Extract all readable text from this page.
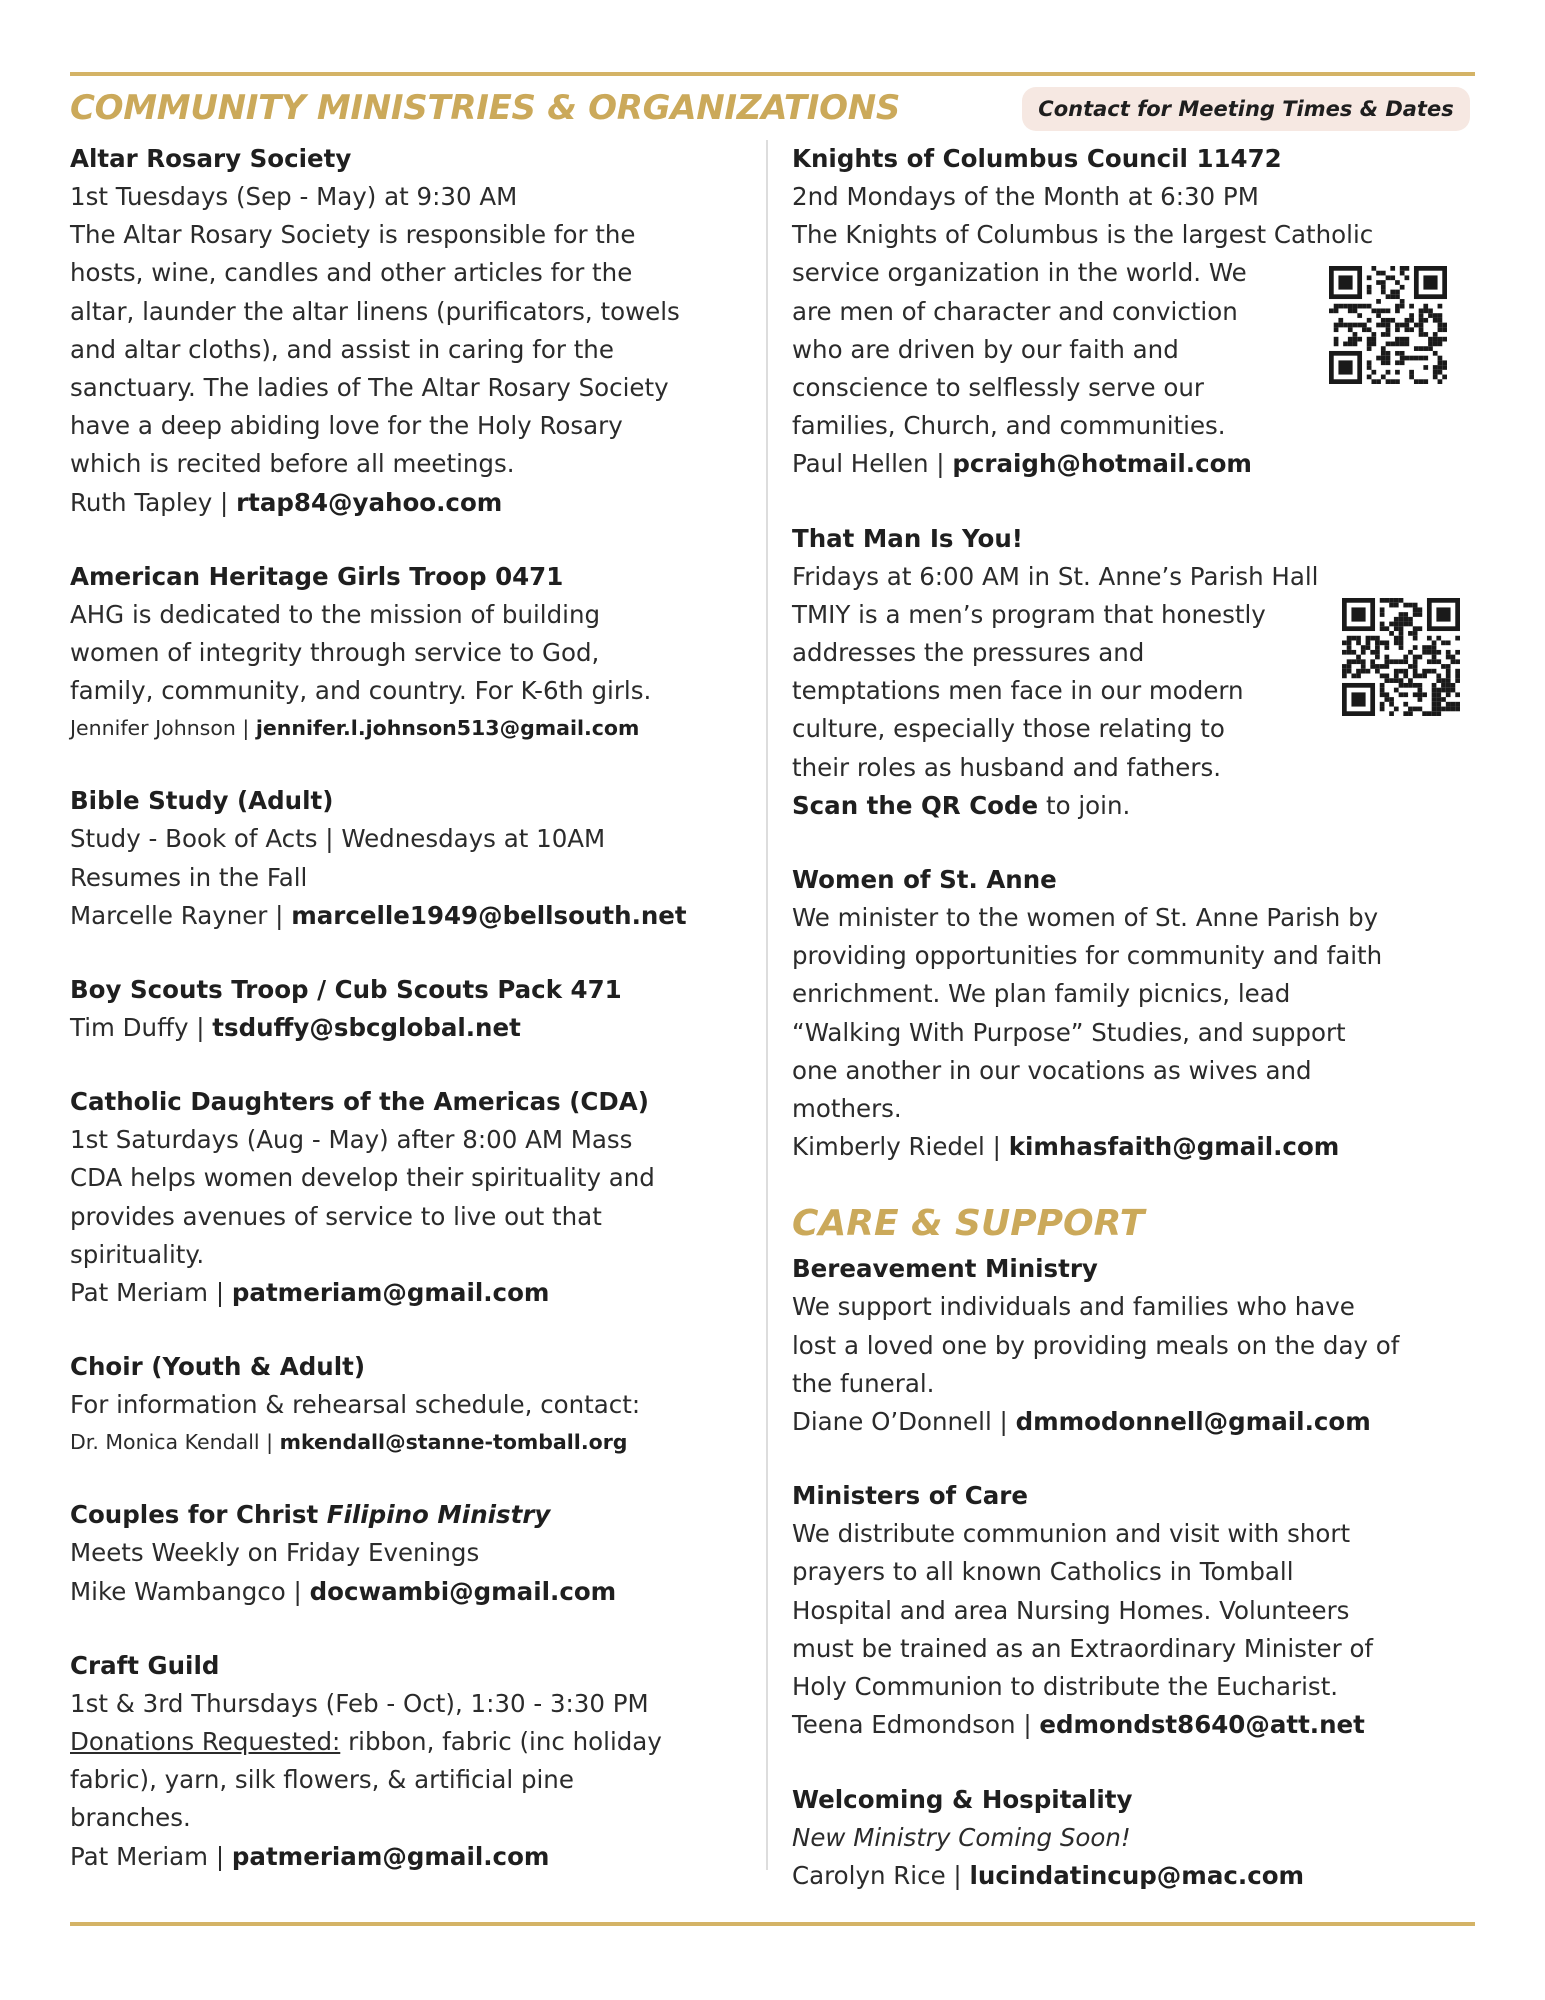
COMMUNITY MINISTRIES & ORGANIZATIONS	Contact for Meeting Times & Dates
Altar Rosary Society
1st Tuesdays (Sep - May) at 9:30 AM
The Altar Rosary Society is responsible for the
hosts, wine, candles and other articles for the
altar, launder the altar linens (purificators, towels
and altar cloths), and assist in caring for the
sanctuary. The ladies of The Altar Rosary Society
have a deep abiding love for the Holy Rosary
which is recited before all meetings.
Ruth Tapley | rtap84@yahoo.com
American Heritage Girls Troop 0471
AHG is dedicated to the mission of building
women of integrity through service to God,
family, community, and country. For K-6th girls.
Jennifer Johnson | jennifer.l.johnson513@gmail.com
Bible Study (Adult)
Study - Book of Acts | Wednesdays at 10AM
Resumes in the Fall
Marcelle Rayner | marcelle1949@bellsouth.net
Boy Scouts Troop / Cub Scouts Pack 471
Tim Duffy | tsduffy@sbcglobal.net
Catholic Daughters of the Americas (CDA)
1st Saturdays (Aug - May) after 8:00 AM Mass
CDA helps women develop their spirituality and
provides avenues of service to live out that
spirituality.
Pat Meriam | patmeriam@gmail.com
Choir (Youth & Adult)
For information & rehearsal schedule, contact:
Dr. Monica Kendall | mkendall@stanne-tomball.org
Couples for Christ Filipino Ministry
Meets Weekly on Friday Evenings
Mike Wambangco | docwambi@gmail.com
Craft Guild
1st & 3rd Thursdays (Feb - Oct), 1:30 - 3:30 PM
Donations Requested: ribbon, fabric (inc holiday
fabric), yarn, silk flowers, & artificial pine
branches.
Pat Meriam | patmeriam@gmail.com
Knights of Columbus Council 11472
2nd Mondays of the Month at 6:30 PM
The Knights of Columbus is the largest Catholic
service organization in the world. We
are men of character and conviction
who are driven by our faith and
conscience to selflessly serve our
families, Church, and communities.
Paul Hellen | pcraigh@hotmail.com
That Man Is You!
Fridays at 6:00 AM in St. Anne’s Parish Hall
TMIY is a men’s program that honestly
addresses the pressures and
temptations men face in our modern
culture, especially those relating to
their roles as husband and fathers.
Scan the QR Code to join.
Women of St. Anne
We minister to the women of St. Anne Parish by
providing opportunities for community and faith
enrichment. We plan family picnics, lead
“Walking With Purpose” Studies, and support
one another in our vocations as wives and
mothers.
Kimberly Riedel | kimhasfaith@gmail.com
CARE & SUPPORT
Bereavement Ministry
We support individuals and families who have
lost a loved one by providing meals on the day of
the funeral.
Diane O’Donnell | dmmodonnell@gmail.com
Ministers of Care
We distribute communion and visit with short
prayers to all known Catholics in Tomball
Hospital and area Nursing Homes. Volunteers
must be trained as an Extraordinary Minister of
Holy Communion to distribute the Eucharist.
Teena Edmondson | edmondst8640@att.net
Welcoming & Hospitality
New Ministry Coming Soon!
Carolyn Rice | lucindatincup@mac.com
